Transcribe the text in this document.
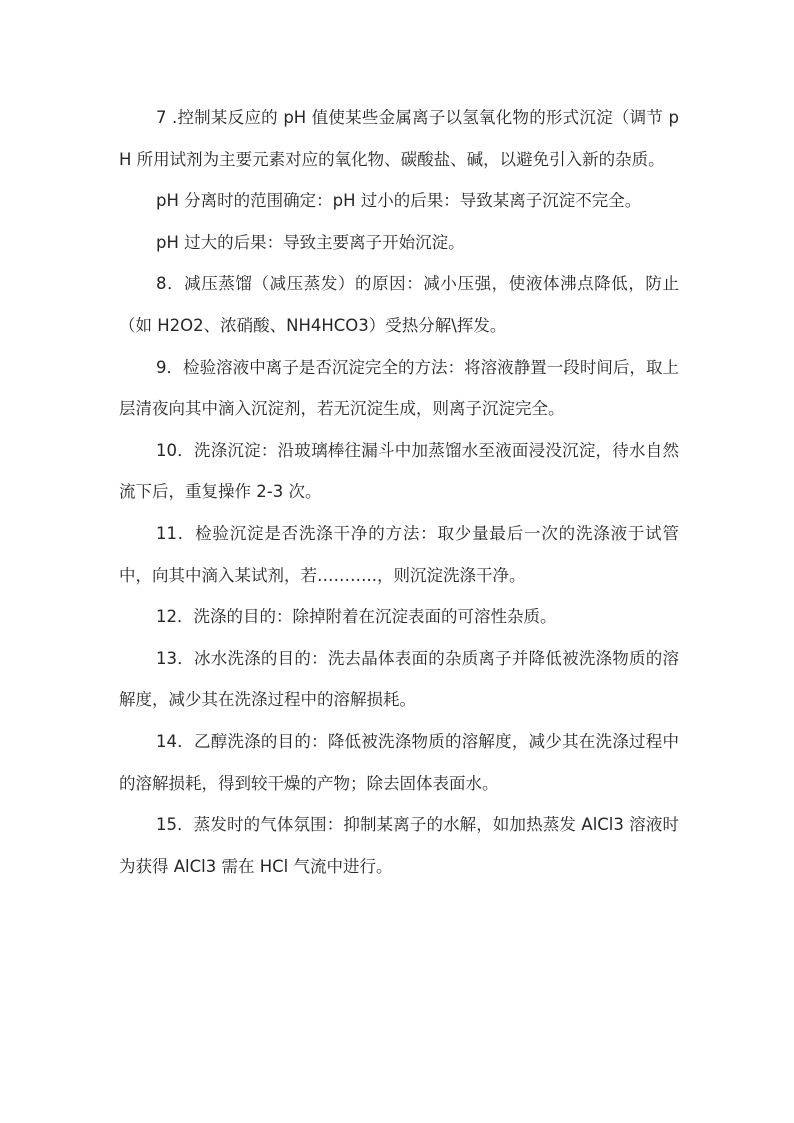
7 .控制某反应的 pH 值使某些金属离子以氢氧化物的形式沉淀（调节 pH 所用试剂为主要元素对应的氧化物、碳酸盐、碱，以避免引入新的杂质。

pH 分离时的范围确定：pH 过小的后果：导致某离子沉淀不完全。

pH 过大的后果：导致主要离子开始沉淀。

8．减压蒸馏（减压蒸发）的原因：减小压强，使液体沸点降低，防止（如 H2O2、浓硝酸、NH4HCO3）受热分解\挥发。

9．检验溶液中离子是否沉淀完全的方法：将溶液静置一段时间后，取上层清夜向其中滴入沉淀剂，若无沉淀生成，则离子沉淀完全。

10．洗涤沉淀：沿玻璃棒往漏斗中加蒸馏水至液面浸没沉淀，待水自然流下后，重复操作 2-3 次。

11．检验沉淀是否洗涤干净的方法：取少量最后一次的洗涤液于试管中，向其中滴入某试剂，若………..，则沉淀洗涤干净。

12．洗涤的目的：除掉附着在沉淀表面的可溶性杂质。

13．冰水洗涤的目的：洗去晶体表面的杂质离子并降低被洗涤物质的溶解度，减少其在洗涤过程中的溶解损耗。

14．乙醇洗涤的目的：降低被洗涤物质的溶解度，减少其在洗涤过程中的溶解损耗，得到较干燥的产物；除去固体表面水。

15．蒸发时的气体氛围：抑制某离子的水解，如加热蒸发 AlCl3 溶液时为获得 AlCl3 需在 HCl 气流中进行。
